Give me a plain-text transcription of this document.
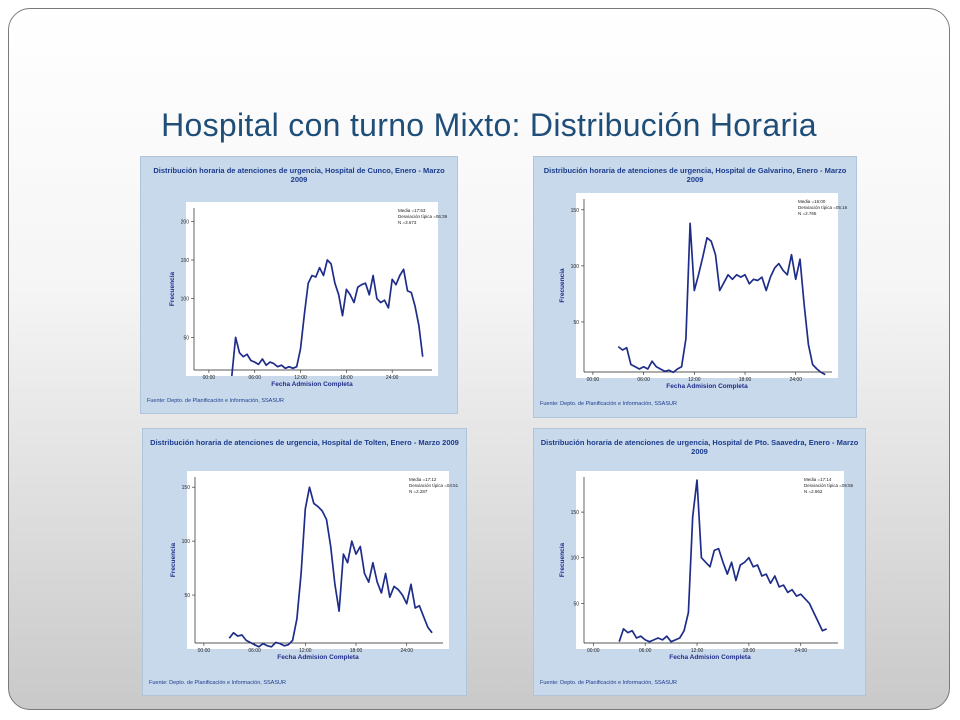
Hospital con turno Mixto: Distribución Horaria
50
100
150
200
00:00	06:00	12:00	18:00	24:00
Fecha Admision Completa
Frecuencia
Media =17:53
Desviación típica =06:39
N =3.673
Distribución horaria de atenciones de urgencia, Hospital de Cunco, Enero - Marzo 2009
Fuente: Depto. de Planificación e Información, SSASUR
50
100
150
00:00	06:00	12:00	18:00	24:00
Fecha Admision Completa
Frecuencia
Media =16:00
Desviación típica =05:16
N =2.765
Distribución horaria de atenciones de urgencia, Hospital de Galvarino, Enero - Marzo 2009
Fuente: Depto. de Planificación e Información, SSASUR
50
100
150
00:00	06:00	12:00	18:00	24:00
Fecha Admision Completa
Frecuencia
Media =17:12
Desviación típica =04:51
N =2.287
Distribución horaria de atenciones de urgencia, Hospital de Tolten, Enero - Marzo 2009
Fuente: Depto. de Planificación e Información, SSASUR
50
100
150
00:00	06:00	12:00	18:00	24:00
Fecha Admision Completa
Frecuencia
Media =17:14
Desviación típica =05:56
N =2.662
Distribución horaria de atenciones de urgencia, Hospital de Pto. Saavedra, Enero - Marzo 2009
Fuente: Depto. de Planificación e Información, SSASUR
